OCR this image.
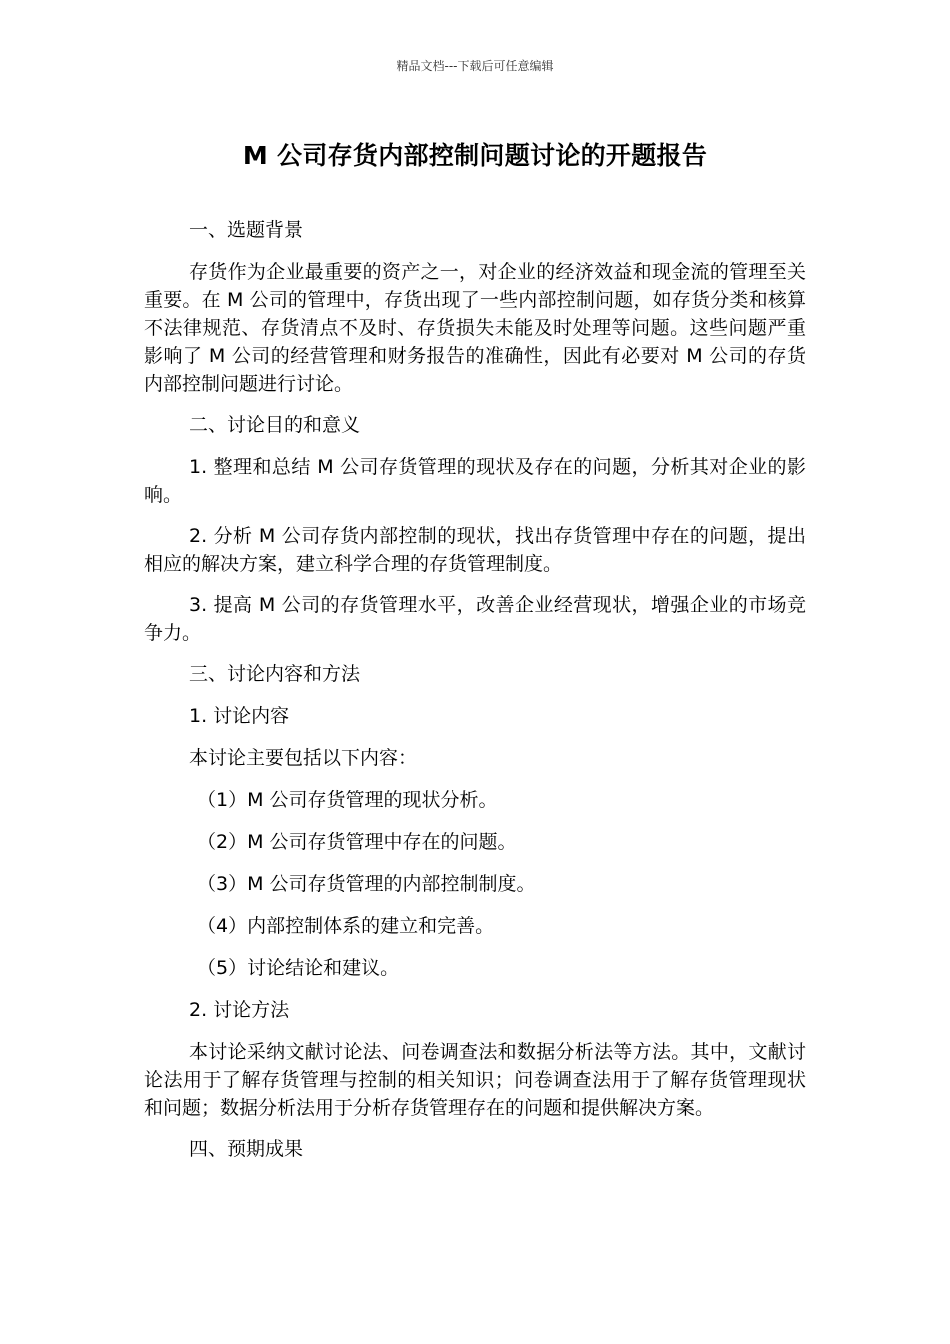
精品文档---下载后可任意编辑
M 公司存货内部控制问题讨论的开题报告
一、选题背景
存货作为企业最重要的资产之一，对企业的经济效益和现金流的管理至关重要。在 M 公司的管理中，存货出现了一些内部控制问题，如存货分类和核算不法律规范、存货清点不及时、存货损失未能及时处理等问题。这些问题严重影响了 M 公司的经营管理和财务报告的准确性，因此有必要对 M 公司的存货内部控制问题进行讨论。
二、讨论目的和意义
1. 整理和总结 M 公司存货管理的现状及存在的问题，分析其对企业的影响。
2. 分析 M 公司存货内部控制的现状，找出存货管理中存在的问题，提出相应的解决方案，建立科学合理的存货管理制度。
3. 提高 M 公司的存货管理水平，改善企业经营现状，增强企业的市场竞争力。
三、讨论内容和方法
1. 讨论内容
本讨论主要包括以下内容：
（1）M 公司存货管理的现状分析。
（2）M 公司存货管理中存在的问题。
（3）M 公司存货管理的内部控制制度。
（4）内部控制体系的建立和完善。
（5）讨论结论和建议。
2. 讨论方法
本讨论采纳文献讨论法、问卷调查法和数据分析法等方法。其中，文献讨论法用于了解存货管理与控制的相关知识；问卷调查法用于了解存货管理现状和问题；数据分析法用于分析存货管理存在的问题和提供解决方案。
四、预期成果
